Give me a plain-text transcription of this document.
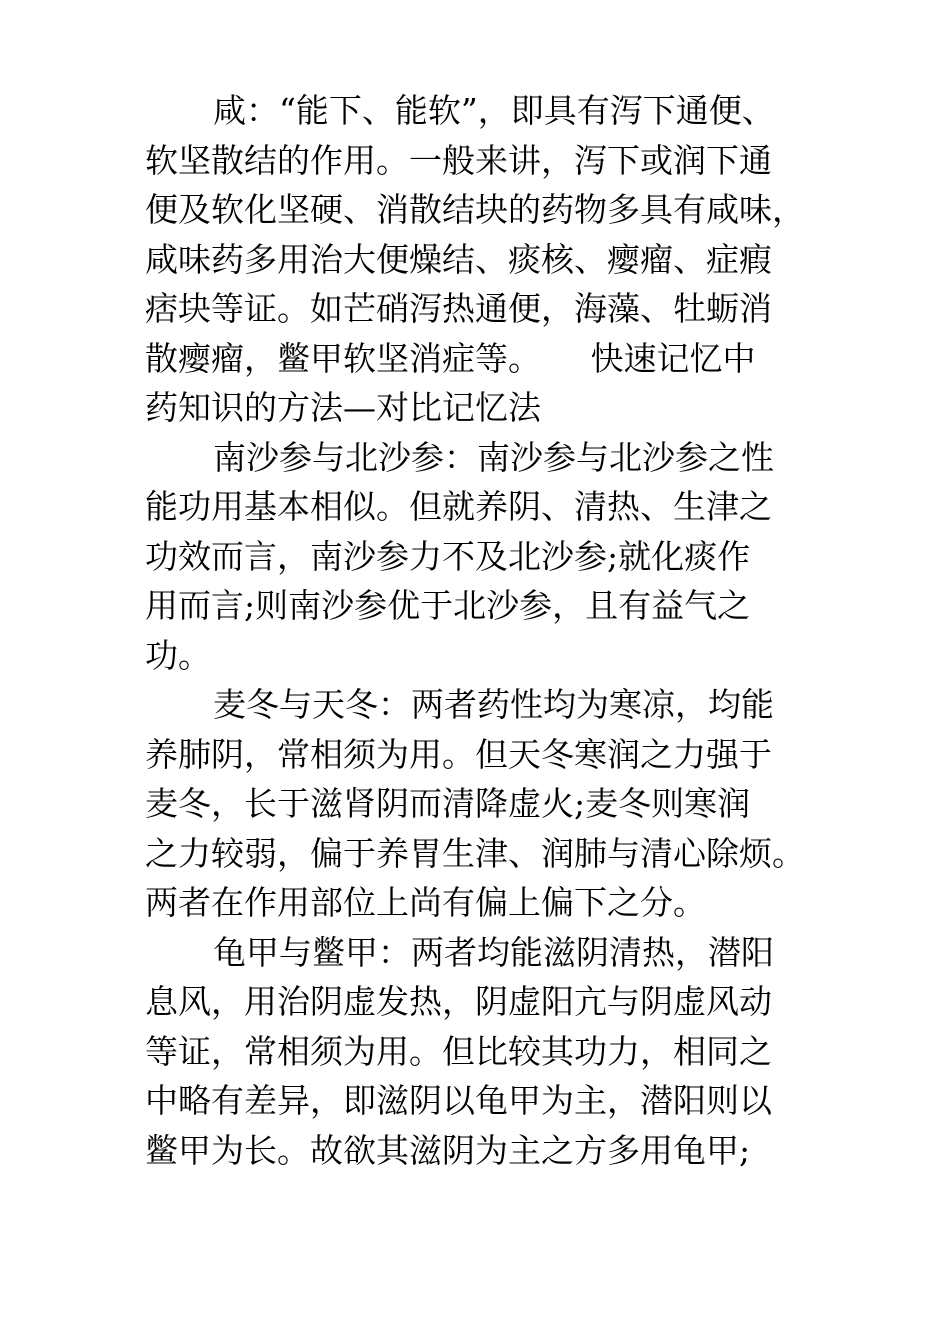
咸：“能下、能软”，即具有泻下通便、
软坚散结的作用。一般来讲，泻下或润下通
便及软化坚硬、消散结块的药物多具有咸味，
咸味药多用治大便燥结、痰核、瘿瘤、症瘕
痞块等证。如芒硝泻热通便，海藻、牡蛎消
散瘿瘤，鳖甲软坚消症等。　　快速记忆中
药知识的方法—对比记忆法
南沙参与北沙参：南沙参与北沙参之性
能功用基本相似。但就养阴、清热、生津之
功效而言，南沙参力不及北沙参;就化痰作
用而言;则南沙参优于北沙参，且有益气之
功。
麦冬与天冬：两者药性均为寒凉，均能
养肺阴，常相须为用。但天冬寒润之力强于
麦冬，长于滋肾阴而清降虚火;麦冬则寒润
之力较弱，偏于养胃生津、润肺与清心除烦。
两者在作用部位上尚有偏上偏下之分。
龟甲与鳖甲：两者均能滋阴清热，潜阳
息风，用治阴虚发热，阴虚阳亢与阴虚风动
等证，常相须为用。但比较其功力，相同之
中略有差异，即滋阴以龟甲为主，潜阳则以
鳖甲为长。故欲其滋阴为主之方多用龟甲;
